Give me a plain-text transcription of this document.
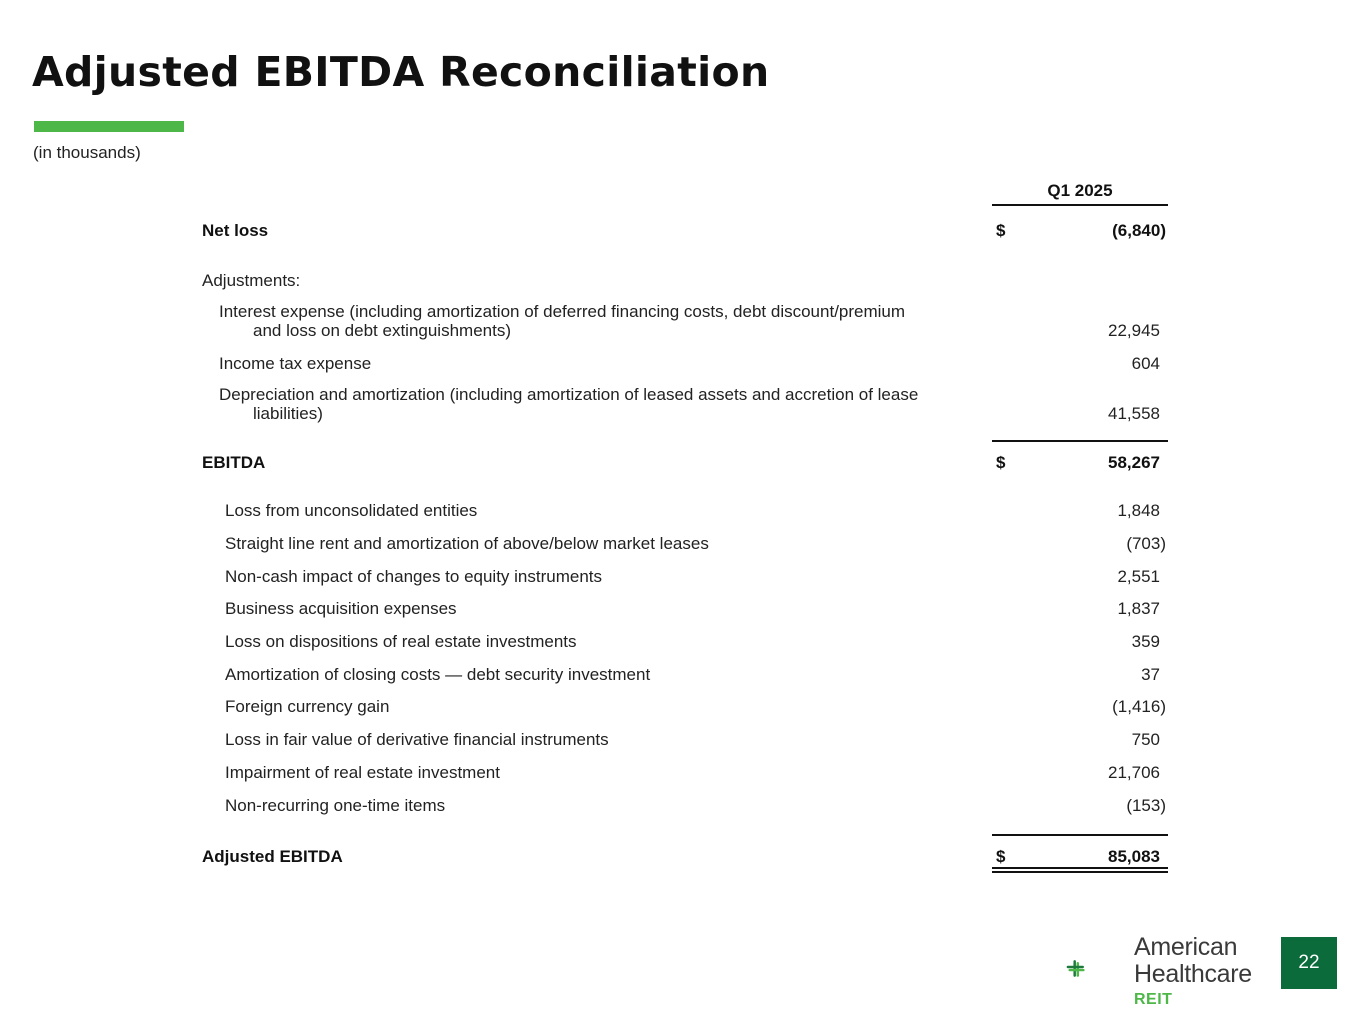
Adjusted EBITDA Reconciliation
(in thousands)
Q1 2025
Net loss	$	(6,840)
Adjustments:
Interest expense (including amortization of deferred financing costs, debt discount/premium
and loss on debt extinguishments)	22,945
Income tax expense	604
Depreciation and amortization (including amortization of leased assets and accretion of lease
liabilities)	41,558
EBITDA	$	58,267
Loss from unconsolidated entities	1,848
Straight line rent and amortization of above/below market leases	(703)
Non-cash impact of changes to equity instruments	2,551
Business acquisition expenses	1,837
Loss on dispositions of real estate investments	359
Amortization of closing costs — debt security investment	37
Foreign currency gain	(1,416)
Loss in fair value of derivative financial instruments	750
Impairment of real estate investment	21,706
Non-recurring one-time items	(153)
Adjusted EBITDA	$	85,083
American
Healthcare
REIT
22
